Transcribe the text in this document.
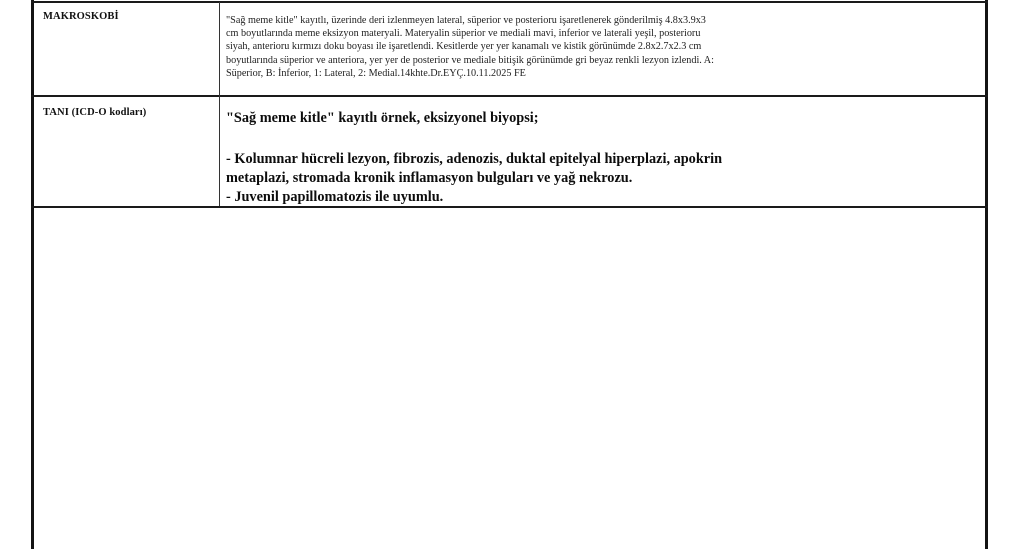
MAKROSKOBİ	"Sağ meme kitle" kayıtlı, üzerinde deri izlenmeyen lateral, süperior ve posterioru işaretlenerek gönderilmiş 4.8x3.9x3
cm boyutlarında meme eksizyon materyali. Materyalin süperior ve mediali mavi, inferior ve laterali yeşil, posterioru
siyah, anterioru kırmızı doku boyası ile işaretlendi. Kesitlerde yer yer kanamalı ve kistik görünümde 2.8x2.7x2.3 cm
boyutlarında süperior ve anteriora, yer yer de posterior ve mediale bitişik görünümde gri beyaz renkli lezyon izlendi. A:
Süperior, B: İnferior, 1: Lateral, 2: Medial.14khte.Dr.EYÇ.10.11.2025 FE

TANI (ICD-O kodları)	"Sağ meme kitle" kayıtlı örnek, eksizyonel biyopsi;
- Kolumnar hücreli lezyon, fibrozis, adenozis, duktal epitelyal hiperplazi, apokrin
metaplazi, stromada kronik inflamasyon bulguları ve yağ nekrozu.
- Juvenil papillomatozis ile uyumlu.
